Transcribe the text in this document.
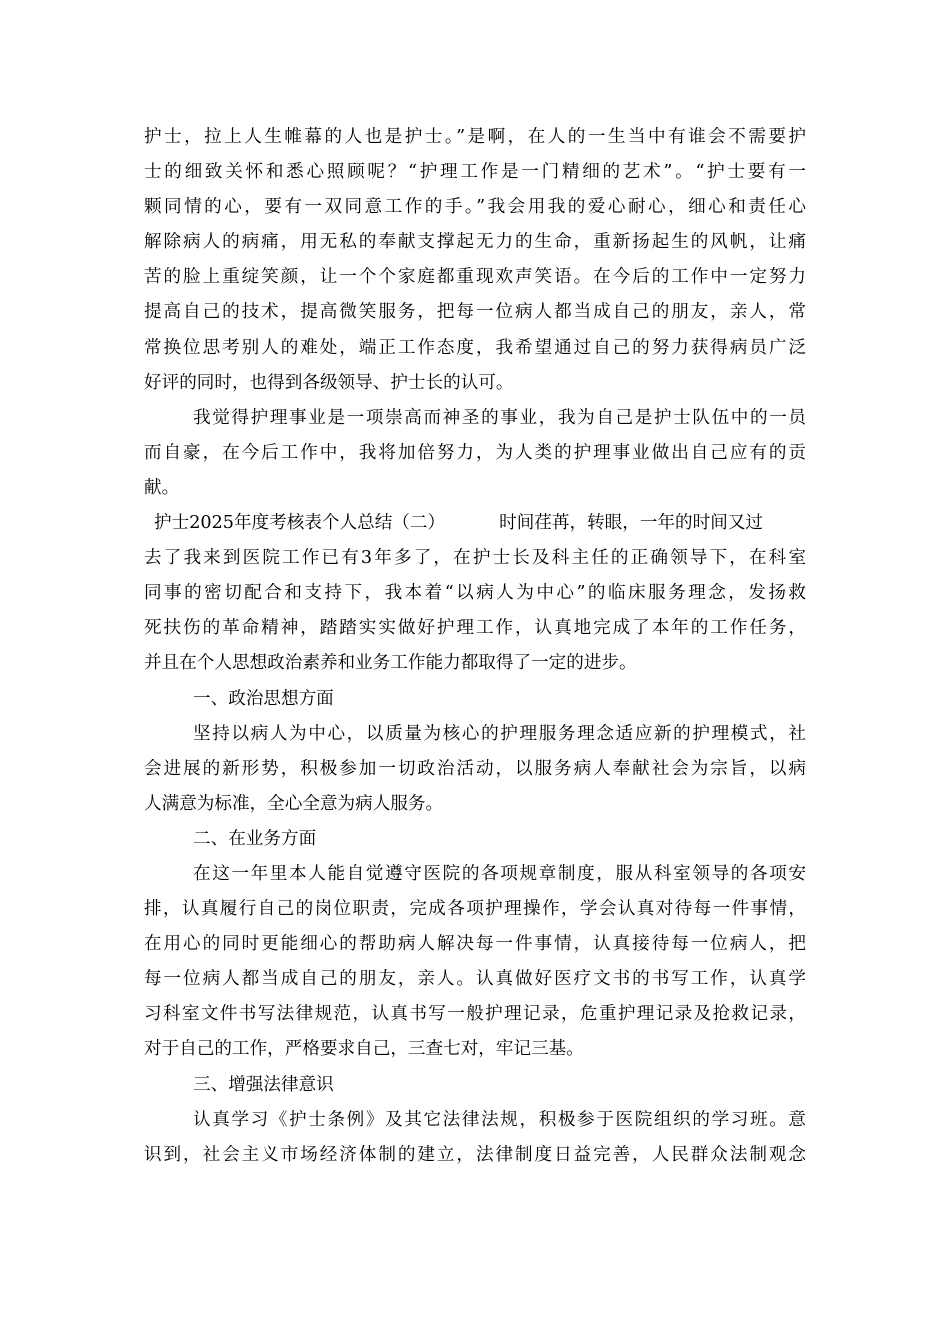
护士，拉上人生帷幕的人也是护士。”是啊，在人的一生当中有谁会不需要护
士的细致关怀和悉心照顾呢？“护理工作是一门精细的艺术”。“护士要有一
颗同情的心，要有一双同意工作的手。”我会用我的爱心耐心，细心和责任心
解除病人的病痛，用无私的奉献支撑起无力的生命，重新扬起生的风帆，让痛
苦的脸上重绽笑颜，让一个个家庭都重现欢声笑语。在今后的工作中一定努力
提高自己的技术，提高微笑服务，把每一位病人都当成自己的朋友，亲人，常
常换位思考别人的难处，端正工作态度，我希望通过自己的努力获得病员广泛
好评的同时，也得到各级领导、护士长的认可。
我觉得护理事业是一项崇高而神圣的事业，我为自己是护士队伍中的一员
而自豪，在今后工作中，我将加倍努力，为人类的护理事业做出自己应有的贡
献。
护士2025年度考核表个人总结（二）	时间荏苒，转眼，一年的时间又过
去了我来到医院工作已有3年多了，在护士长及科主任的正确领导下，在科室
同事的密切配合和支持下，我本着“以病人为中心”的临床服务理念，发扬救
死扶伤的革命精神，踏踏实实做好护理工作，认真地完成了本年的工作任务，
并且在个人思想政治素养和业务工作能力都取得了一定的进步。
一、政治思想方面
坚持以病人为中心，以质量为核心的护理服务理念适应新的护理模式，社
会进展的新形势，积极参加一切政治活动，以服务病人奉献社会为宗旨，以病
人满意为标准，全心全意为病人服务。
二、在业务方面
在这一年里本人能自觉遵守医院的各项规章制度，服从科室领导的各项安
排，认真履行自己的岗位职责，完成各项护理操作，学会认真对待每一件事情，
在用心的同时更能细心的帮助病人解决每一件事情，认真接待每一位病人，把
每一位病人都当成自己的朋友，亲人。认真做好医疗文书的书写工作，认真学
习科室文件书写法律规范，认真书写一般护理记录，危重护理记录及抢救记录，
对于自己的工作，严格要求自己，三查七对，牢记三基。
三、增强法律意识
认真学习《护士条例》及其它法律法规，积极参于医院组织的学习班。意
识到，社会主义市场经济体制的建立，法律制度日益完善，人民群众法制观念
